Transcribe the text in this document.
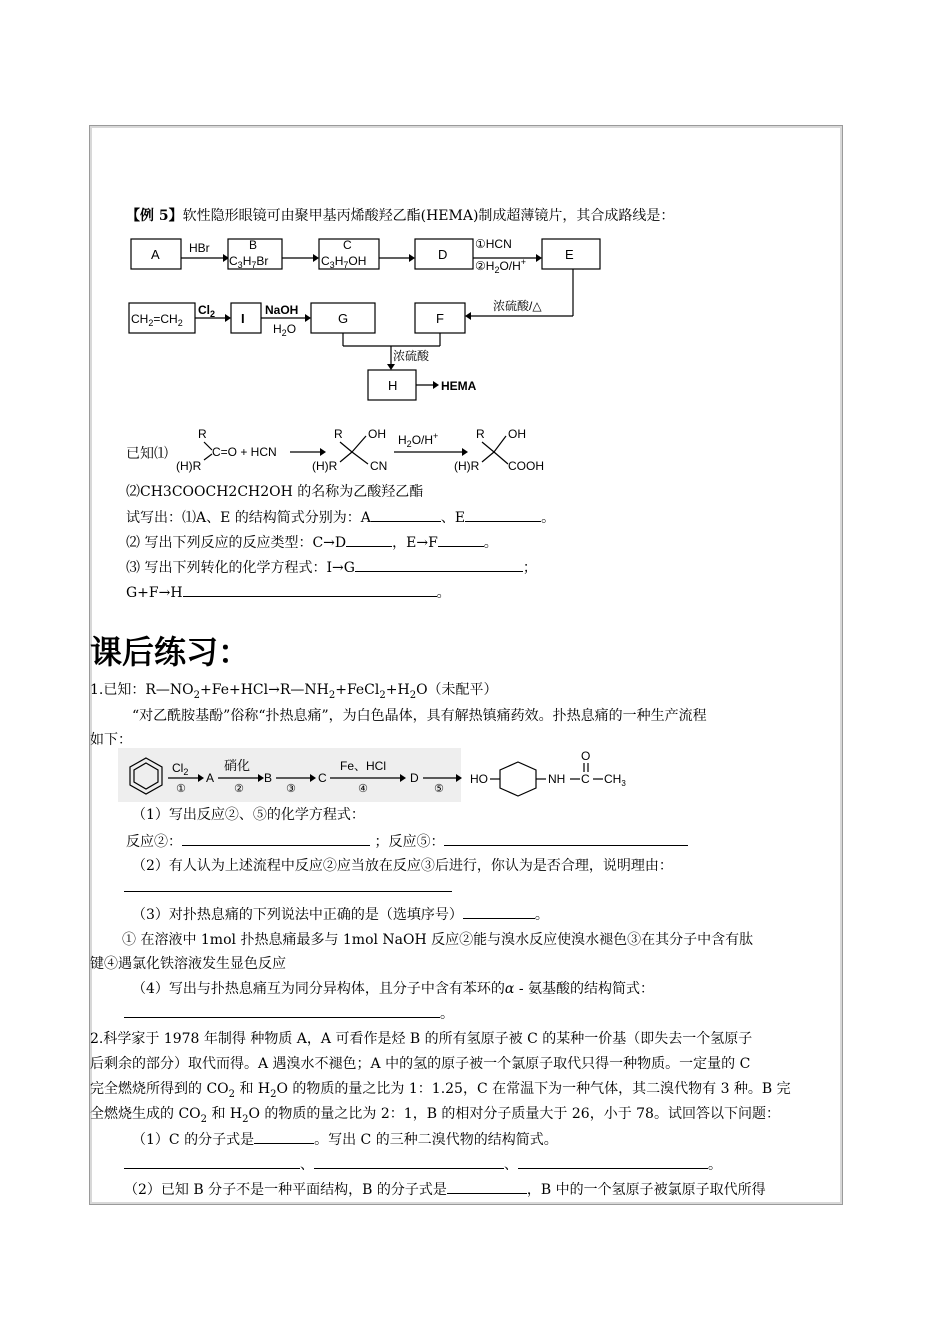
【例 5】软性隐形眼镜可由聚甲基丙烯酸羟乙酯(HEMA)制成超薄镜片，其合成路线是：
A HBr	B
$C_3H_7Br$
C
$C_3H_7OH$	D
①HCN
$②H_2O/H^+$	E
浓硫酸/△
$CH_2=CH_2$
$Cl_2$ I
NaOH
$H_2O$
G	F
浓硫酸
H	HEMA
已知⑴
R
(H)R
C=O + HCN
R OH
(H)R	CN
$H_2O/H^+$	R OH
(H)R COOH
⑵CH3COOCH2CH2OH 的名称为乙酸羟乙酯
试写出：⑴A、E 的结构简式分别为：A	、E	。
⑵ 写出下列反应的反应类型：C→D	，E→F	。
⑶ 写出下列转化的化学方程式：I→G	；
G+F→H	。
课后练习：
1.已知：$R—NO_2+Fe+HCl\to R—NH_2+FeCl_2+H_2O$（未配平）
“对乙酰胺基酚”俗称“扑热息痛”，为白色晶体，具有解热镇痛药效。扑热息痛的一种生产流程
如下：
$Cl_2$
①
A
硝化
②
B
③
C
Fe、HCl
④
D
⑤
HO	NH C
O
$CH_3$
（1）写出反应②、⑤的化学方程式：
反应②：	；反应⑤：
（2）有人认为上述流程中反应②应当放在反应③后进行，你认为是否合理，说明理由：
（3）对扑热息痛的下列说法中正确的是（选填序号）	。
① 在溶液中 1mol 扑热息痛最多与 1mol NaOH 反应②能与溴水反应使溴水褪色③在其分子中含有肽
键④遇氯化铁溶液发生显色反应
（4）写出与扑热息痛互为同分异构体，且分子中含有苯环的α - 氨基酸的结构简式：
。
2.科学家于 1978 年制得 种物质 A，A 可看作是烃 B 的所有氢原子被 C 的某种一价基（即失去一个氢原子
后剩余的部分）取代而得。A 遇溴水不褪色；A 中的氢的原子被一个氯原子取代只得一种物质。一定量的 C
完全燃烧所得到的 $CO_2$ 和 $H_2O$ 的物质的量之比为 1：1.25，C 在常温下为一种气体，其二溴代物有 3 种。B 完
全燃烧生成的 $CO_2$ 和 $H_2O$ 的物质的量之比为 2：1，B 的相对分子质量大于 26，小于 78。试回答以下问题：
（1）C 的分子式是	。写出 C 的三种二溴代物的结构简式。
、	、	。
（2）已知 B 分子不是一种平面结构，B 的分子式是	，B 中的一个氢原子被氯原子取代所得
